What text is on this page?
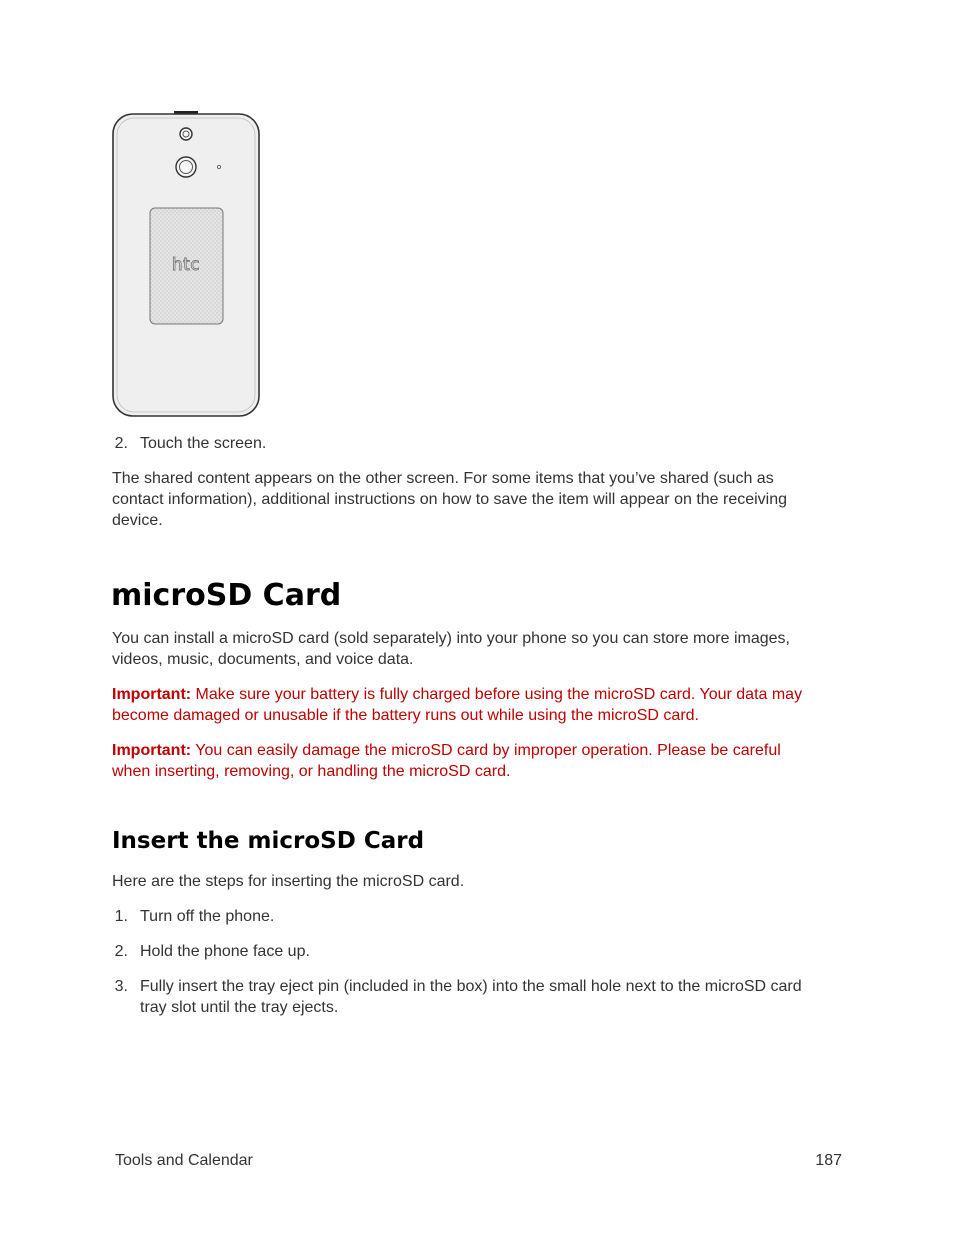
htc
2. Touch the screen.
The shared content appears on the other screen. For some items that you’ve shared (such as
contact information), additional instructions on how to save the item will appear on the receiving
device.
microSD Card
You can install a microSD card (sold separately) into your phone so you can store more images,
videos, music, documents, and voice data.
Important: Make sure your battery is fully charged before using the microSD card. Your data may
become damaged or unusable if the battery runs out while using the microSD card.
Important: You can easily damage the microSD card by improper operation. Please be careful
when inserting, removing, or handling the microSD card.
Insert the microSD Card
Here are the steps for inserting the microSD card.
1. Turn off the phone.
2. Hold the phone face up.
3. Fully insert the tray eject pin (included in the box) into the small hole next to the microSD card
tray slot until the tray ejects.
Tools and Calendar	187
